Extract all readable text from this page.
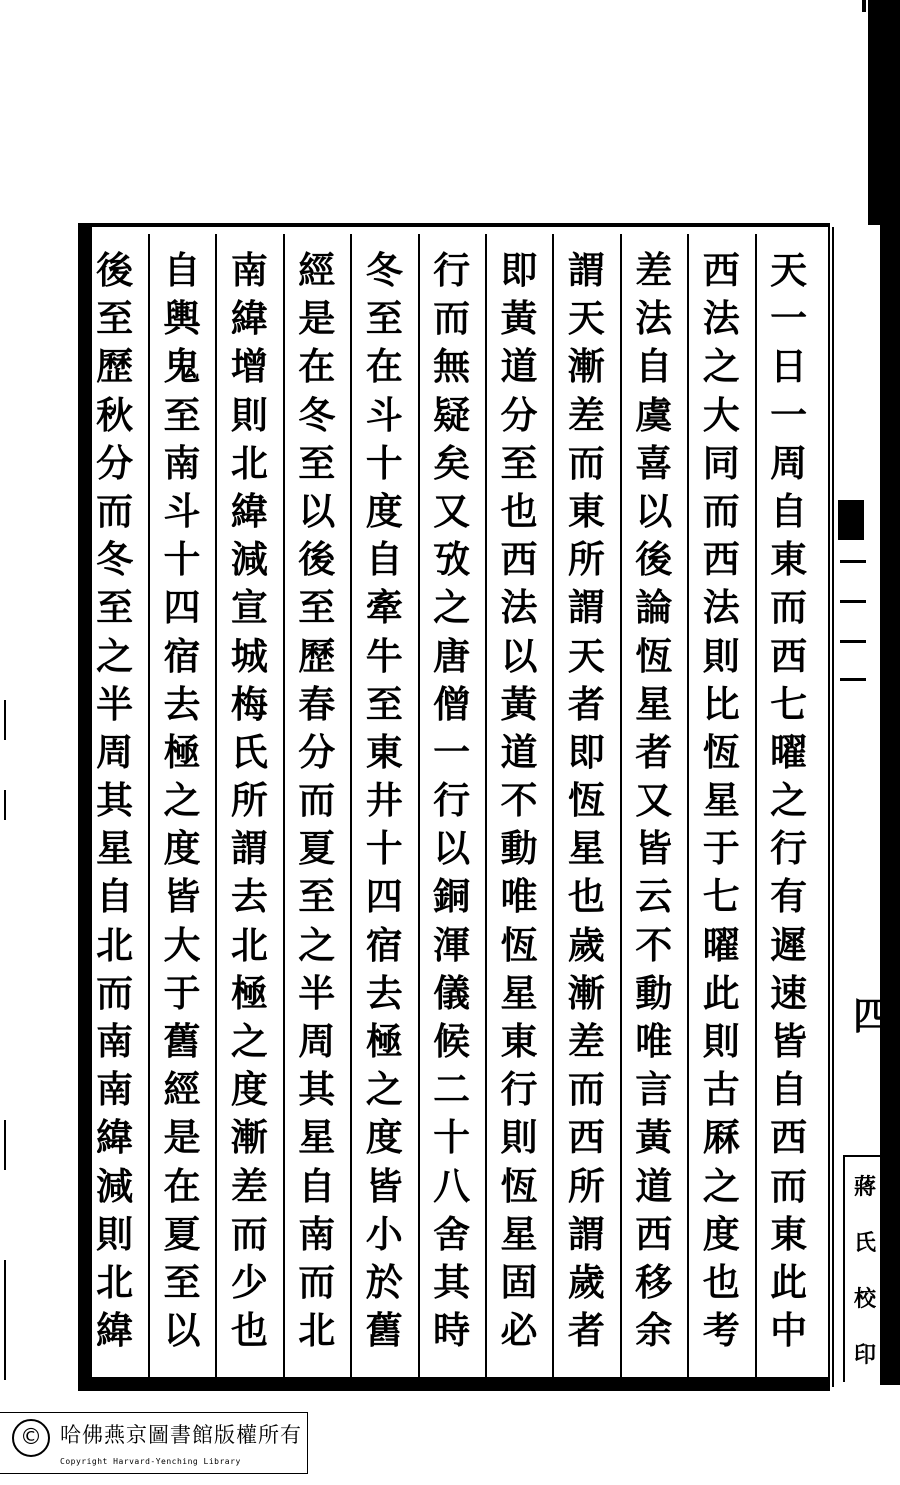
天
一
日
一
周
自
東
而
西
七
曜
之
行
有
遲
速
皆
自
西
而
東
此
中
西
法
之
大
同
而
西
法
則
比
恆
星
于
七
曜
此
則
古
厤
之
度
也
考
差
法
自
虞
喜
以
後
論
恆
星
者
又
皆
云
不
動
唯
言
黃
道
西
移
余
謂
天
漸
差
而
東
所
謂
天
者
即
恆
星
也
歲
漸
差
而
西
所
謂
歲
者
即
黃
道
分
至
也
西
法
以
黃
道
不
動
唯
恆
星
東
行
則
恆
星
固
必
行
而
無
疑
矣
又
攷
之
唐
僧
一
行
以
銅
渾
儀
候
二
十
八
舍
其
時
冬
至
在
斗
十
度
自
牽
牛
至
東
井
十
四
宿
去
極
之
度
皆
小
於
舊
經
是
在
冬
至
以
後
至
歷
春
分
而
夏
至
之
半
周
其
星
自
南
而
北
南
緯
增
則
北
緯
減
宣
城
梅
氏
所
謂
去
北
極
之
度
漸
差
而
少
也
自
輿
鬼
至
南
斗
十
四
宿
去
極
之
度
皆
大
于
舊
經
是
在
夏
至
以
後
至
歷
秋
分
而
冬
至
之
半
周
其
星
自
北
而
南
南
緯
減
則
北
緯
四
蔣
氏
校
印
© 哈佛燕京圖書館版權所有
Copyright Harvard-Yenching Library
